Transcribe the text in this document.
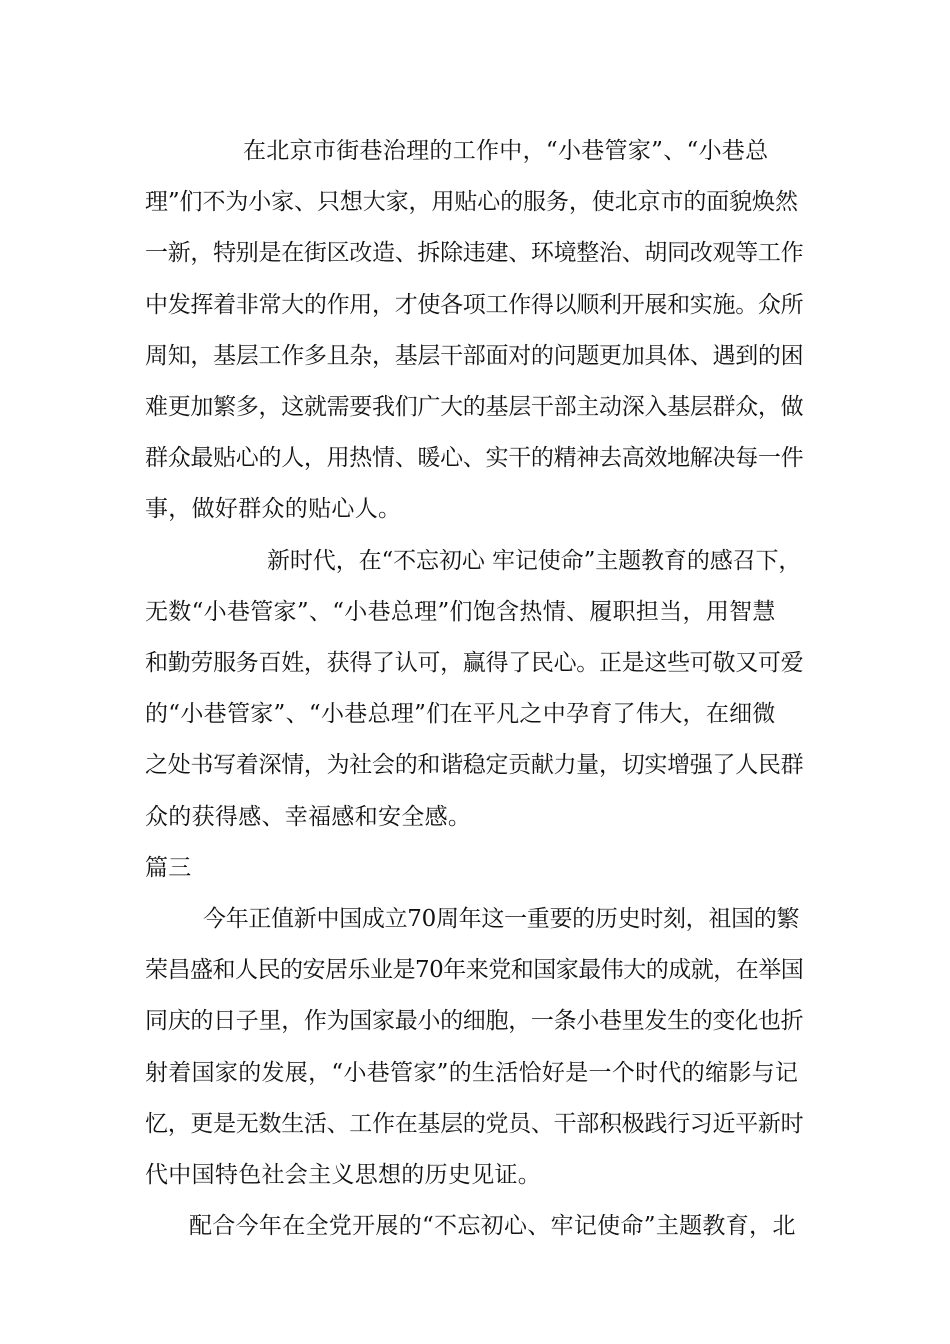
在北京市街巷治理的工作中，“小巷管家”、“小巷总
理”们不为小家、只想大家，用贴心的服务，使北京市的面貌焕然
一新，特别是在街区改造、拆除违建、环境整治、胡同改观等工作
中发挥着非常大的作用，才使各项工作得以顺利开展和实施。众所
周知，基层工作多且杂，基层干部面对的问题更加具体、遇到的困
难更加繁多，这就需要我们广大的基层干部主动深入基层群众，做
群众最贴心的人，用热情、暖心、实干的精神去高效地解决每一件
事，做好群众的贴心人。
新时代，在“不忘初心 牢记使命”主题教育的感召下，
无数“小巷管家”、“小巷总理”们饱含热情、履职担当，用智慧
和勤劳服务百姓，获得了认可，赢得了民心。正是这些可敬又可爱
的“小巷管家”、“小巷总理”们在平凡之中孕育了伟大，在细微
之处书写着深情，为社会的和谐稳定贡献力量，切实增强了人民群
众的获得感、幸福感和安全感。
篇三
今年正值新中国成立70周年这一重要的历史时刻，祖国的繁
荣昌盛和人民的安居乐业是70年来党和国家最伟大的成就，在举国
同庆的日子里，作为国家最小的细胞，一条小巷里发生的变化也折
射着国家的发展，“小巷管家”的生活恰好是一个时代的缩影与记
忆，更是无数生活、工作在基层的党员、干部积极践行习近平新时
代中国特色社会主义思想的历史见证。
配合今年在全党开展的“不忘初心、牢记使命”主题教育，北
